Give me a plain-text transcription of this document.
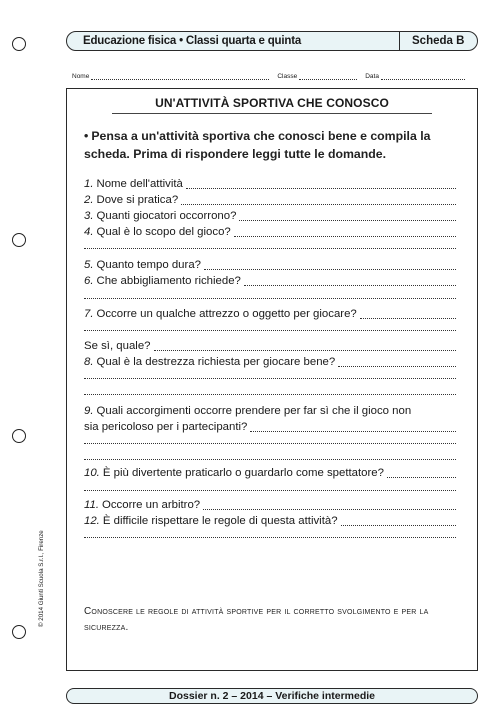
Educazione fisica • Classi quarta e quinta	Scheda B
Nome	Classe	Data
UN'ATTIVITÀ SPORTIVA CHE CONOSCO
• Pensa a un'attività sportiva che conosci bene e compila la scheda. Prima di rispondere leggi tutte le domande.
1. Nome dell'attività
2. Dove si pratica?
3. Quanti giocatori occorrono?
4. Qual è lo scopo del gioco?
5. Quanto tempo dura?
6. Che abbigliamento richiede?
7. Occorre un qualche attrezzo o oggetto per giocare?
Se sì, quale?
8. Qual è la destrezza richiesta per giocare bene?
9. Quali accorgimenti occorre prendere per far sì che il gioco non
sia pericoloso per i partecipanti?
10. È più divertente praticarlo o guardarlo come spettatore?
11. Occorre un arbitro?
12. È difficile rispettare le regole di questa attività?
Conoscere le regole di attività sportive per il corretto svolgimento e per la sicurezza.
Dossier n. 2 – 2014 – Verifiche intermedie
© 2014 Giunti Scuola S.r.l., Firenze
